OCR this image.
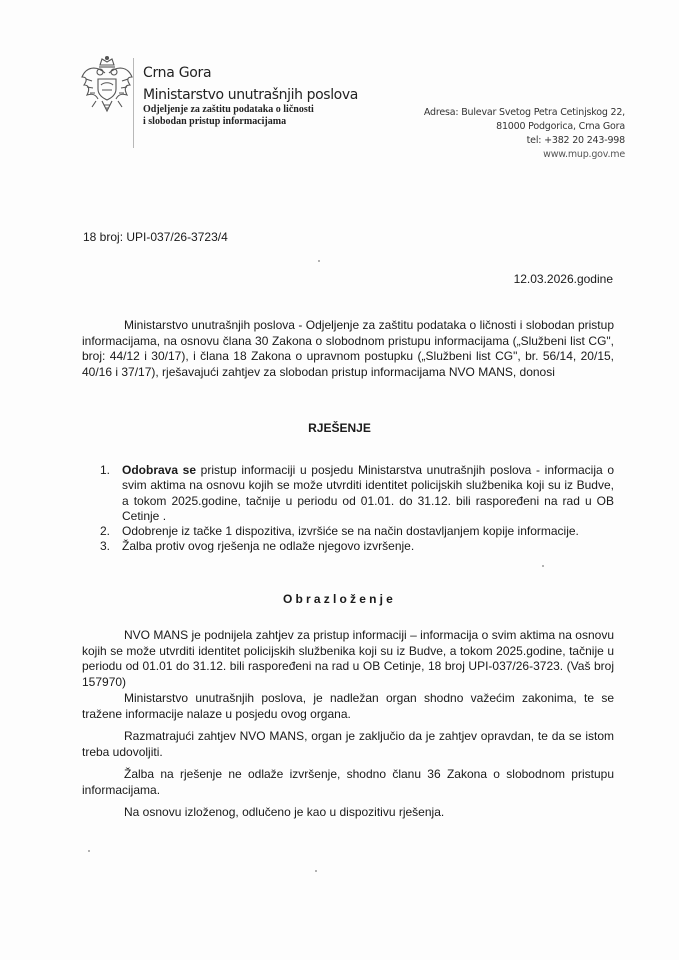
Crna Gora
Ministarstvo unutrašnjih poslova
Odjeljenje za zaštitu podataka o ličnosti
i slobodan pristup informacijama
Adresa: Bulevar Svetog Petra Cetinjskog 22,
81000 Podgorica, Crna Gora
tel: +382 20 243-998
www.mup.gov.me
18 broj: UPI-037/26-3723/4
12.03.2026.godine
Ministarstvo unutrašnjih poslova - Odjeljenje za zaštitu podataka o ličnosti i slobodan pristup informacijama, na osnovu člana 30 Zakona o slobodnom pristupu informacijama („Službeni list CG", broj: 44/12 i 30/17), i člana 18 Zakona o upravnom postupku („Službeni list CG", br. 56/14, 20/15, 40/16 i 37/17), rješavajući zahtjev za slobodan pristup informacijama NVO MANS, donosi
RJEŠENJE
1. Odobrava se pristup informaciji u posjedu Ministarstva unutrašnjih poslova - informacija o svim aktima na osnovu kojih se može utvrditi identitet policijskih službenika koji su iz Budve, a tokom 2025.godine, tačnije u periodu od 01.01. do 31.12. bili raspoređeni na rad u OB Cetinje .
2. Odobrenje iz tačke 1 dispozitiva, izvršiće se na način dostavljanjem kopije informacije.
3. Žalba protiv ovog rješenja ne odlaže njegovo izvršenje.
Obrazloženje

NVO MANS je podnijela zahtjev za pristup informaciji – informacija o svim aktima na osnovu kojih se može utvrditi identitet policijskih službenika koji su iz Budve, a tokom 2025.godine, tačnije u periodu od 01.01 do 31.12. bili raspoređeni na rad u OB Cetinje, 18 broj UPI-037/26-3723. (Vaš broj 157970)

Ministarstvo unutrašnjih poslova, je nadležan organ shodno važećim zakonima, te se tražene informacije nalaze u posjedu ovog organa.

Razmatrajući zahtjev NVO MANS, organ je zaključio da je zahtjev opravdan, te da se istom treba udovoljiti.

Žalba na rješenje ne odlaže izvršenje, shodno članu 36 Zakona o slobodnom pristupu informacijama.

Na osnovu izloženog, odlučeno je kao u dispozitivu rješenja.
